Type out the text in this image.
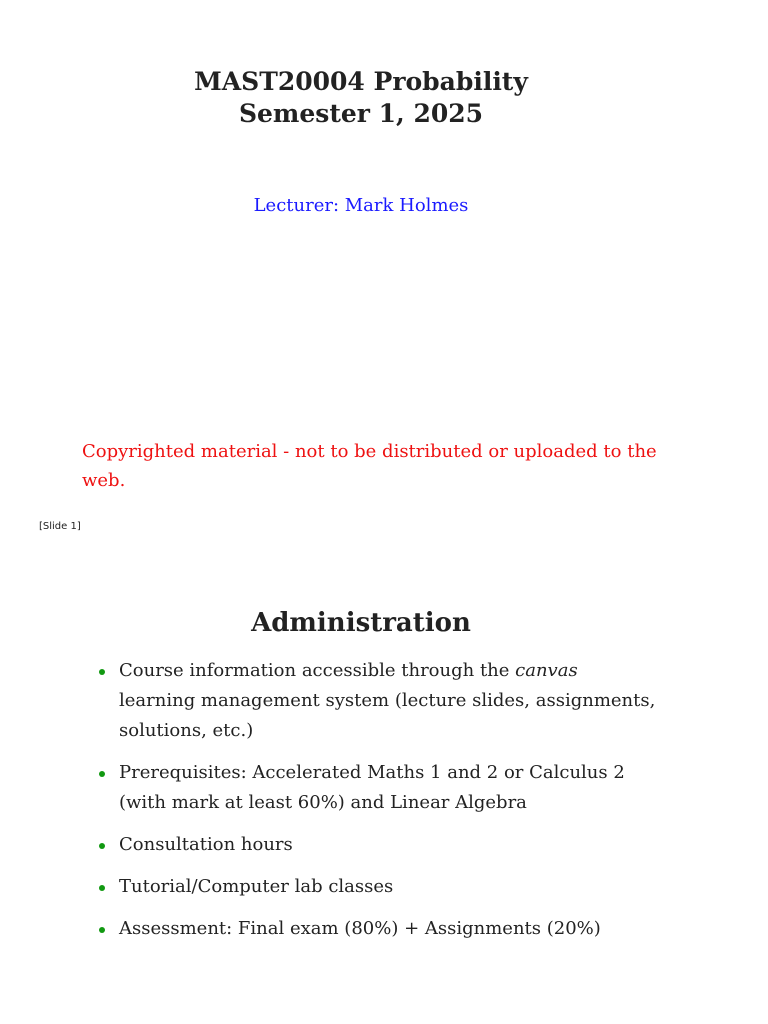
MAST20004 Probability
Semester 1, 2025
Lecturer: Mark Holmes
Copyrighted material - not to be distributed or uploaded to the web.
[Slide 1]
Administration
Course information accessible through the canvas learning management system (lecture slides, assignments, solutions, etc.)
Prerequisites: Accelerated Maths 1 and 2 or Calculus 2 (with mark at least 60%) and Linear Algebra
Consultation hours
Tutorial/Computer lab classes
Assessment: Final exam (80%) + Assignments (20%)
